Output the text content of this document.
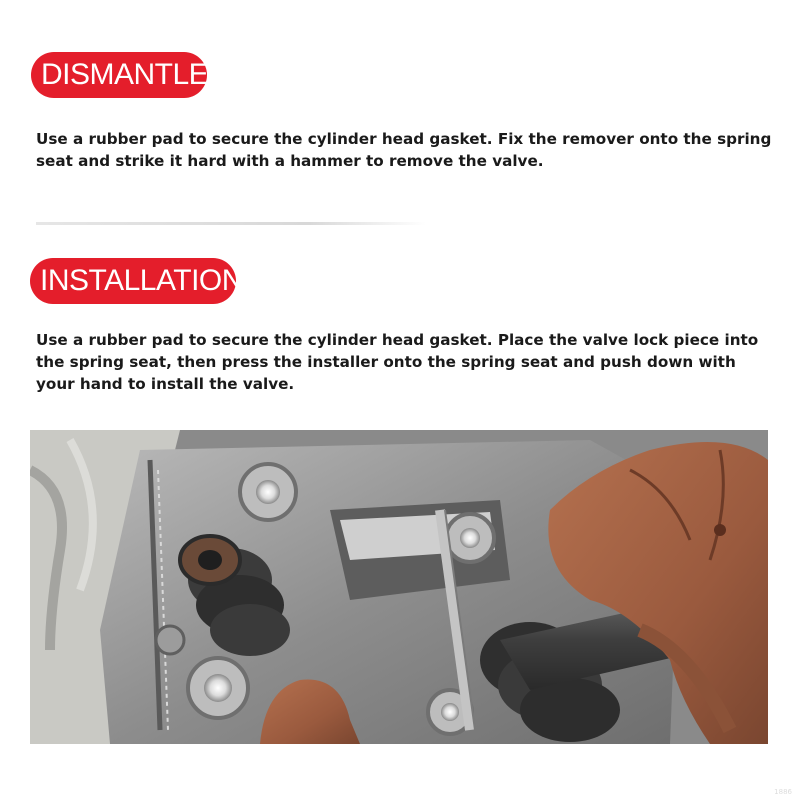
DISMANTLE

Use a rubber pad to secure the cylinder head gasket. Fix the remover onto the spring seat and strike it hard with a hammer to remove the valve.

INSTALLATION

Use a rubber pad to secure the cylinder head gasket. Place the valve lock piece into the spring seat, then press the installer onto the spring seat and push down with your hand to install the valve.

1886
